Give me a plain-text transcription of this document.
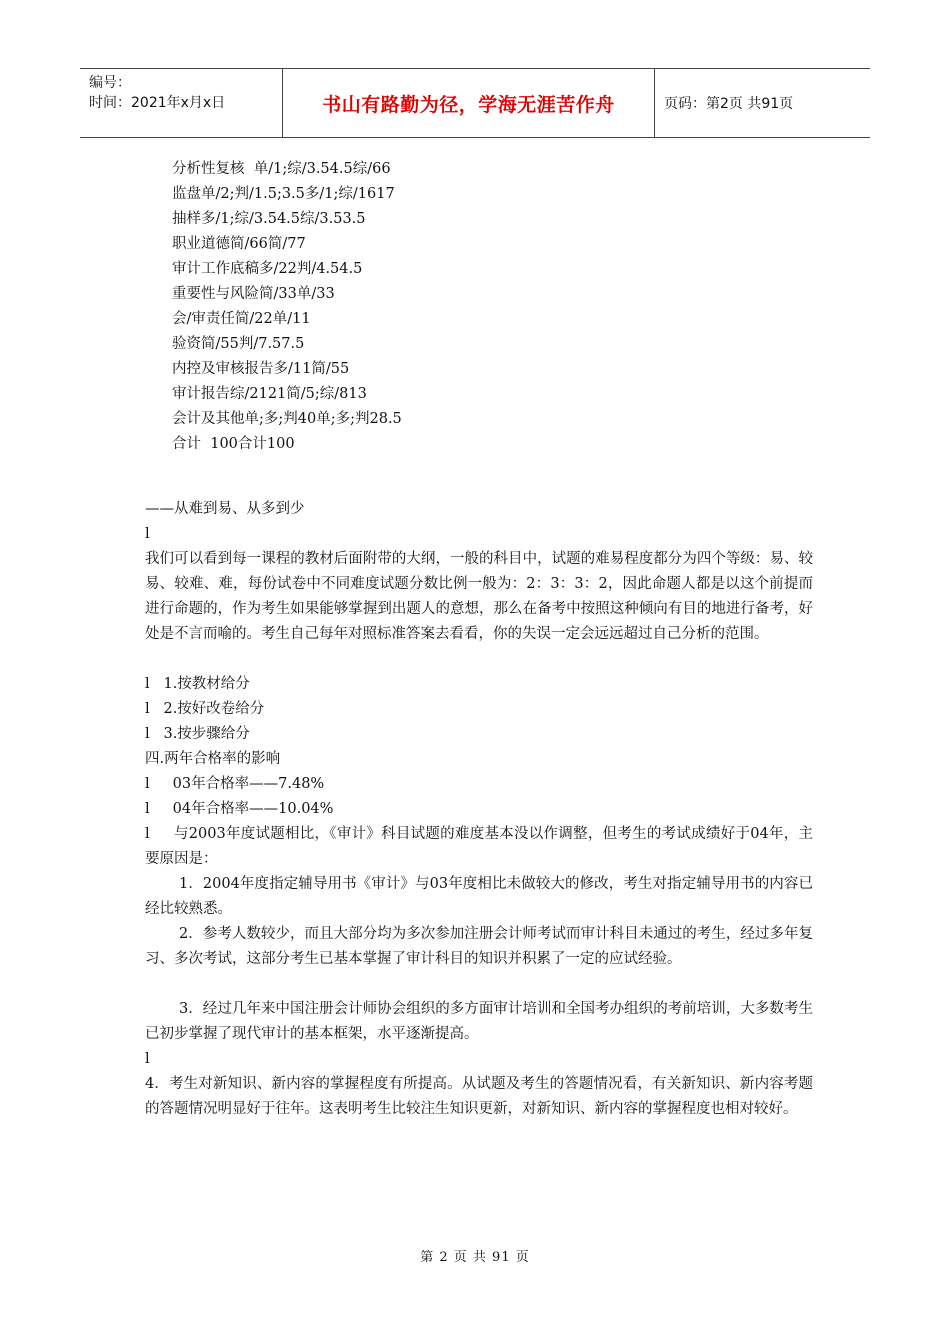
编号：
时间：2021年x月x日	书山有路勤为径，学海无涯苦作舟	页码：第2页 共91页
分析性复核  单/1;综/3.54.5综/66
监盘单/2;判/1.5;3.5多/1;综/1617
抽样多/1;综/3.54.5综/3.53.5
职业道德简/66简/77
审计工作底稿多/22判/4.54.5
重要性与风险简/33单/33
会/审责任简/22单/11
验资简/55判/7.57.5
内控及审核报告多/11简/55
审计报告综/2121简/5;综/813
会计及其他单;多;判40单;多;判28.5
合计  100合计100
——从难到易、从多到少
l
我们可以看到每一课程的教材后面附带的大纲，一般的科目中，试题的难易程度都分为四个等级：易、较易、较难、难，每份试卷中不同难度试题分数比例一般为：2：3：3：2，因此命题人都是以这个前提而进行命题的，作为考生如果能够掌握到出题人的意想，那么在备考中按照这种倾向有目的地进行备考，好处是不言而喻的。考生自己每年对照标准答案去看看，你的失误一定会远远超过自己分析的范围。
l   1.按教材给分
l   2.按好改卷给分
l   3.按步骤给分
四.两年合格率的影响
l     03年合格率——7.48%
l     04年合格率——10.04%
l     与2003年度试题相比，《审计》科目试题的难度基本没以作调整，但考生的考试成绩好于04年，主要原因是：
1．2004年度指定辅导用书《审计》与03年度相比未做较大的修改，考生对指定辅导用书的内容已经比较熟悉。
2．参考人数较少，而且大部分均为多次参加注册会计师考试而审计科目未通过的考生，经过多年复习、多次考试，这部分考生已基本掌握了审计科目的知识并积累了一定的应试经验。
3．经过几年来中国注册会计师协会组织的多方面审计培训和全国考办组织的考前培训，大多数考生已初步掌握了现代审计的基本框架，水平逐渐提高。
l
4．考生对新知识、新内容的掌握程度有所提高。从试题及考生的答题情况看，有关新知识、新内容考题的答题情况明显好于往年。这表明考生比较注生知识更新，对新知识、新内容的掌握程度也相对较好。
第 2 页 共 91 页
